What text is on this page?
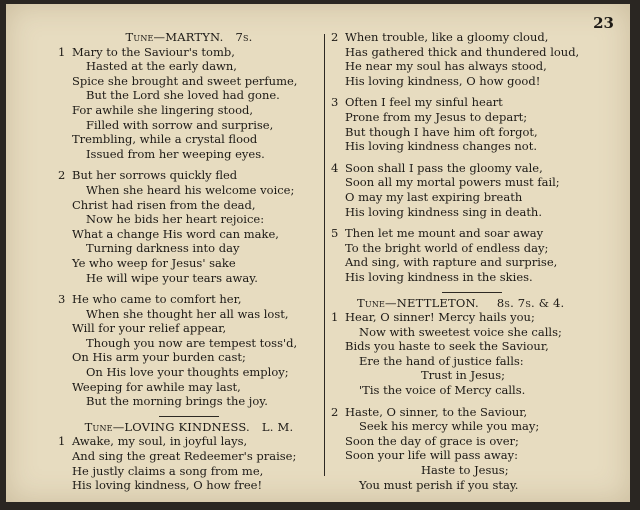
23
Tune—MARTYN. 7s.
1 Mary to the Saviour's tomb,
Hasted at the early dawn,
Spice she brought and sweet perfume,
But the Lord she loved had gone.
For awhile she lingering stood,
Filled with sorrow and surprise,
Trembling, while a crystal flood
Issued from her weeping eyes.
2 But her sorrows quickly fled
When she heard his welcome voice;
Christ had risen from the dead,
Now he bids her heart rejoice:
What a change His word can make,
Turning darkness into day
Ye who weep for Jesus' sake
He will wipe your tears away.
3 He who came to comfort her,
When she thought her all was lost,
Will for your relief appear,
Though you now are tempest toss'd,
On His arm your burden cast;
On His love your thoughts employ;
Weeping for awhile may last,
But the morning brings the joy.
Tune—LOVING KINDNESS. L. M.
1 Awake, my soul, in joyful lays,
And sing the great Redeemer's praise;
He justly claims a song from me,
His loving kindness, O how free!
2 When trouble, like a gloomy cloud,
Has gathered thick and thundered loud,
He near my soul has always stood,
His loving kindness, O how good!
3 Often I feel my sinful heart
Prone from my Jesus to depart;
But though I have him oft forgot,
His loving kindness changes not.
4 Soon shall I pass the gloomy vale,
Soon all my mortal powers must fail;
O may my last expiring breath
His loving kindness sing in death.
5 Then let me mount and soar away
To the bright world of endless day;
And sing, with rapture and surprise,
His loving kindness in the skies.
Tune—NETTLETON. 8s. 7s. & 4.
1 Hear, O sinner! Mercy hails you;
Now with sweetest voice she calls;
Bids you haste to seek the Saviour,
Ere the hand of justice falls:
Trust in Jesus;
'Tis the voice of Mercy calls.
2 Haste, O sinner, to the Saviour,
Seek his mercy while you may;
Soon the day of grace is over;
Soon your life will pass away:
Haste to Jesus;
You must perish if you stay.
